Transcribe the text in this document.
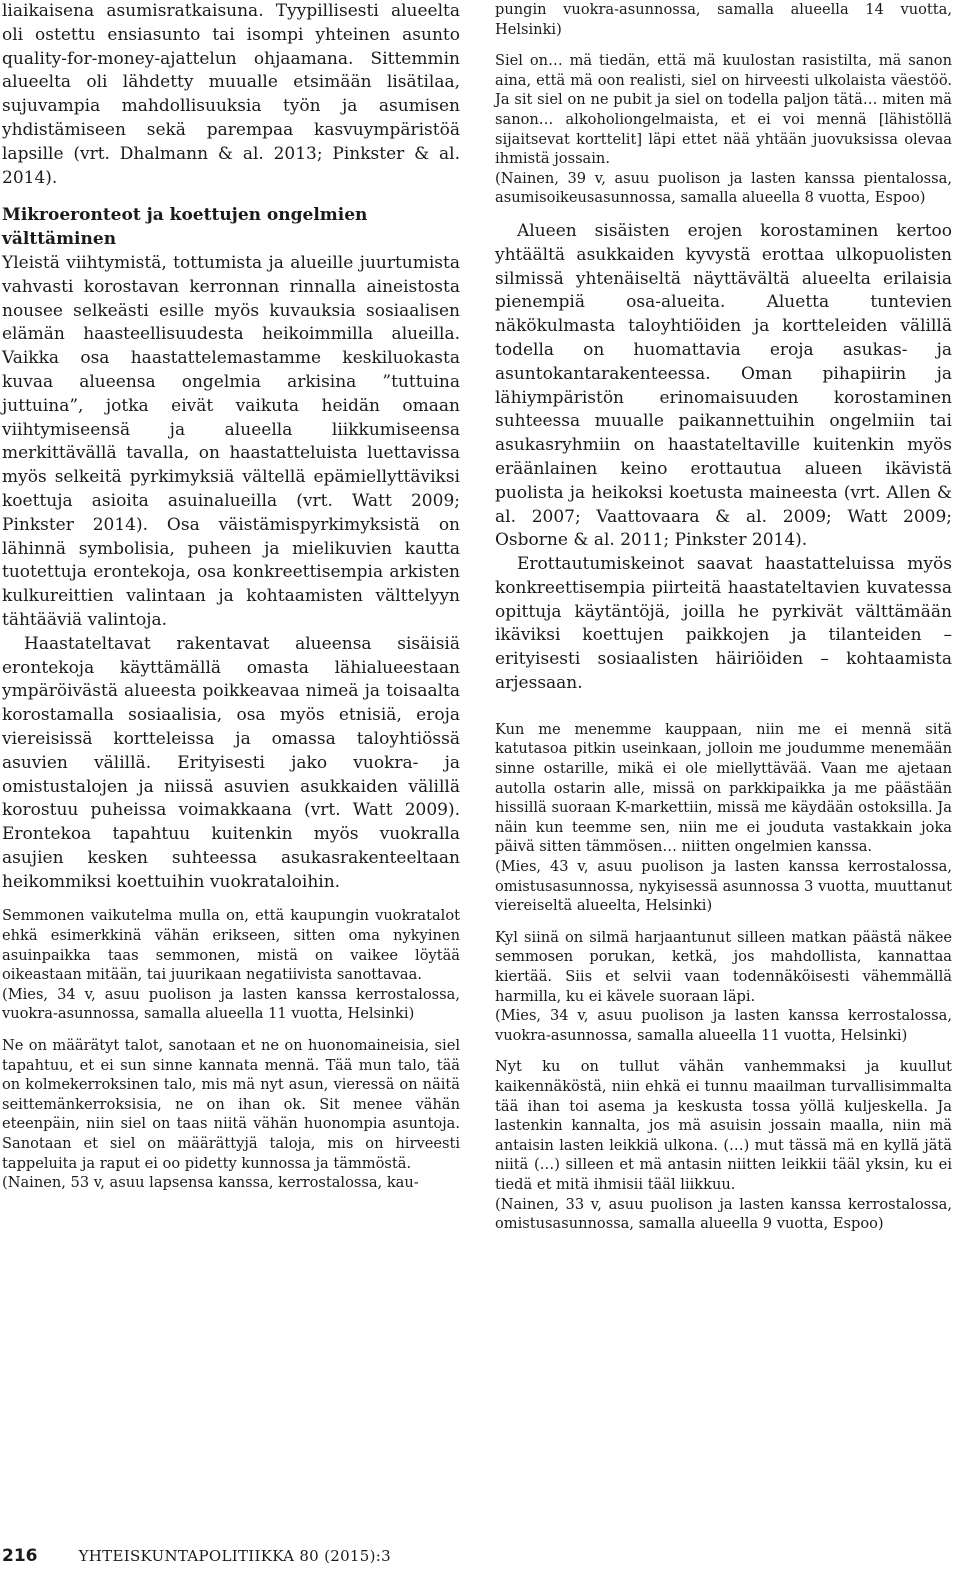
liaikaisena asumisratkaisuna. Tyypillisesti alueelta oli ostettu ensiasunto tai isompi yhteinen asunto quality-for-money-ajattelun ohjaamana. Sittemmin alueelta oli lähdetty muualle etsimään lisätilaa, sujuvampia mahdollisuuksia työn ja asumisen yhdistämiseen sekä parempaa kasvuympäristöä lapsille (vrt. Dhalmann & al. 2013; Pinkster & al. 2014).

Mikroeronteot ja koettujen ongelmien välttäminen

Yleistä viihtymistä, tottumista ja alueille juurtumista vahvasti korostavan kerronnan rinnalla aineistosta nousee selkeästi esille myös kuvauksia sosiaalisen elämän haasteellisuudesta heikoimmilla alueilla. Vaikka osa haastattelemastamme keskiluokasta kuvaa alueensa ongelmia arkisina ”tuttuina juttuina”, jotka eivät vaikuta heidän omaan viihtymiseensä ja alueella liikkumiseensa merkittävällä tavalla, on haastatteluista luettavissa myös selkeitä pyrkimyksiä vältellä epämiellyttäviksi koettuja asioita asuinalueilla (vrt. Watt 2009; Pinkster 2014). Osa väistämispyrkimyksistä on lähinnä symbolisia, puheen ja mielikuvien kautta tuotettuja erontekoja, osa konkreettisempia arkisten kulkureittien valintaan ja kohtaamisten välttelyyn tähtääviä valintoja.

Haastateltavat rakentavat alueensa sisäisiä erontekoja käyttämällä omasta lähialueestaan ympäröivästä alueesta poikkeavaa nimeä ja toisaalta korostamalla sosiaalisia, osa myös etnisiä, eroja viereisissä kortteleissa ja omassa taloyhtiössä asuvien välillä. Erityisesti jako vuokra- ja omistustalojen ja niissä asuvien asukkaiden välillä korostuu puheissa voimakkaana (vrt. Watt 2009). Erontekoa tapahtuu kuitenkin myös vuokralla asujien kesken suhteessa asukasrakenteeltaan heikommiksi koettuihin vuokrataloihin.

Semmonen vaikutelma mulla on, että kaupungin vuokratalot ehkä esimerkkinä vähän erikseen, sitten oma nykyinen asuinpaikka taas semmonen, mistä on vaikee löytää oikeastaan mitään, tai juurikaan negatiivista sanottavaa.

(Mies, 34 v, asuu puolison ja lasten kanssa kerrostalossa, vuokra-asunnossa, samalla alueella 11 vuotta, Helsinki)

Ne on määrätyt talot, sanotaan et ne on huonomaineisia, siel tapahtuu, et ei sun sinne kannata mennä. Tää mun talo, tää on kolmekerroksinen talo, mis mä nyt asun, vieressä on näitä seittemänkerroksisia, ne on ihan ok. Sit menee vähän eteenpäin, niin siel on taas niitä vähän huonompia asuntoja. Sanotaan et siel on määrättyjä taloja, mis on hirveesti tappeluita ja raput ei oo pidetty kunnossa ja tämmöstä.

(Nainen, 53 v, asuu lapsensa kanssa, kerrostalossa, kau-

pungin vuokra-asunnossa, samalla alueella 14 vuotta, Helsinki)

Siel on… mä tiedän, että mä kuulostan rasistilta, mä sanon aina, että mä oon realisti, siel on hirveesti ulkolaista väestöö. Ja sit siel on ne pubit ja siel on todella paljon tätä… miten mä sanon… alkoholiongelmaista, et ei voi mennä [lähistöllä sijaitsevat korttelit] läpi ettet nää yhtään juovuksissa olevaa ihmistä jossain.

(Nainen, 39 v, asuu puolison ja lasten kanssa pientalossa, asumisoikeusasunnossa, samalla alueella 8 vuotta, Espoo)

Alueen sisäisten erojen korostaminen kertoo yhtäältä asukkaiden kyvystä erottaa ulkopuolisten silmissä yhtenäiseltä näyttävältä alueelta erilaisia pienempiä osa-alueita. Aluetta tuntevien näkökulmasta taloyhtiöiden ja kortteleiden välillä todella on huomattavia eroja asukas- ja asuntokantarakenteessa. Oman pihapiirin ja lähiympäristön erinomaisuuden korostaminen suhteessa muualle paikannettuihin ongelmiin tai asukasryhmiin on haastateltaville kuitenkin myös eräänlainen keino erottautua alueen ikävistä puolista ja heikoksi koetusta maineesta (vrt. Allen & al. 2007; Vaattovaara & al. 2009; Watt 2009; Osborne & al. 2011; Pinkster 2014).

Erottautumiskeinot saavat haastatteluissa myös konkreettisempia piirteitä haastateltavien kuvatessa opittuja käytäntöjä, joilla he pyrkivät välttämään ikäviksi koettujen paikkojen ja tilanteiden – erityisesti sosiaalisten häiriöiden – kohtaamista arjessaan.

Kun me menemme kauppaan, niin me ei mennä sitä katutasoa pitkin useinkaan, jolloin me joudumme menemään sinne ostarille, mikä ei ole miellyttävää. Vaan me ajetaan autolla ostarin alle, missä on parkkipaikka ja me päästään hissillä suoraan K-markettiin, missä me käydään ostoksilla. Ja näin kun teemme sen, niin me ei jouduta vastakkain joka päivä sitten tämmösen… niitten ongelmien kanssa.

(Mies, 43 v, asuu puolison ja lasten kanssa kerrostalossa, omistusasunnossa, nykyisessä asunnossa 3 vuotta, muuttanut viereiseltä alueelta, Helsinki)

Kyl siinä on silmä harjaantunut silleen matkan päästä näkee semmosen porukan, ketkä, jos mahdollista, kannattaa kiertää. Siis et selvii vaan todennäköisesti vähemmällä harmilla, ku ei kävele suoraan läpi.

(Mies, 34 v, asuu puolison ja lasten kanssa kerrostalossa, vuokra-asunnossa, samalla alueella 11 vuotta, Helsinki)

Nyt ku on tullut vähän vanhemmaksi ja kuullut kaikennäköstä, niin ehkä ei tunnu maailman turvallisimmalta tää ihan toi asema ja keskusta tossa yöllä kuljeskella. Ja lastenkin kannalta, jos mä asuisin jossain maalla, niin mä antaisin lasten leikkiä ulkona. (…) mut tässä mä en kyllä jätä niitä (…) silleen et mä antasin niitten leikkii tääl yksin, ku ei tiedä et mitä ihmisii tääl liikkuu.

(Nainen, 33 v, asuu puolison ja lasten kanssa kerrostalossa, omistusasunnossa, samalla alueella 9 vuotta, Espoo)

216	YHTEISKUNTAPOLITIIKKA 80 (2015):3
